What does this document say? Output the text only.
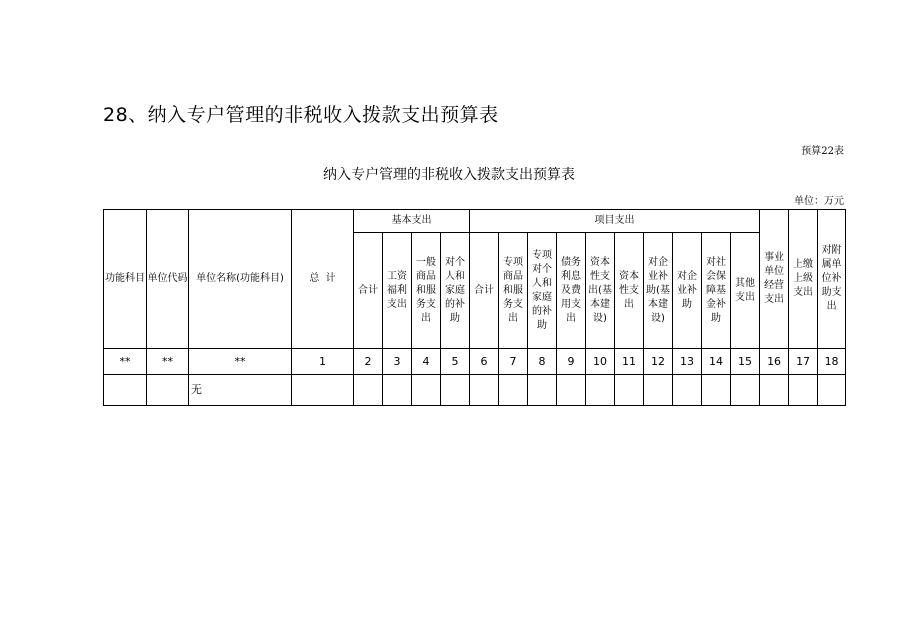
28、纳入专户管理的非税收入拨款支出预算表
预算22表
纳入专户管理的非税收入拨款支出预算表
单位：万元
功能科目	单位代码	单位名称(功能科目)	总  计	基本支出				项目支出										事业单位经营支出	上缴上级支出	对附属单位补助支出
				合计	工资福利支出	一般商品和服务支出	对个人和家庭的补助	合计	专项商品和服务支出	专项对个人和家庭的补助	债务利息及费用支出	资本性支出(基本建设)	资本性支出	对企业补助(基本建设)	对企业补助	对社会保障基金补助	其他支出			
**	**	**	1	2	3	4	5	6	7	8	9	10	11	12	13	14	15	16	17	18
		无																		
